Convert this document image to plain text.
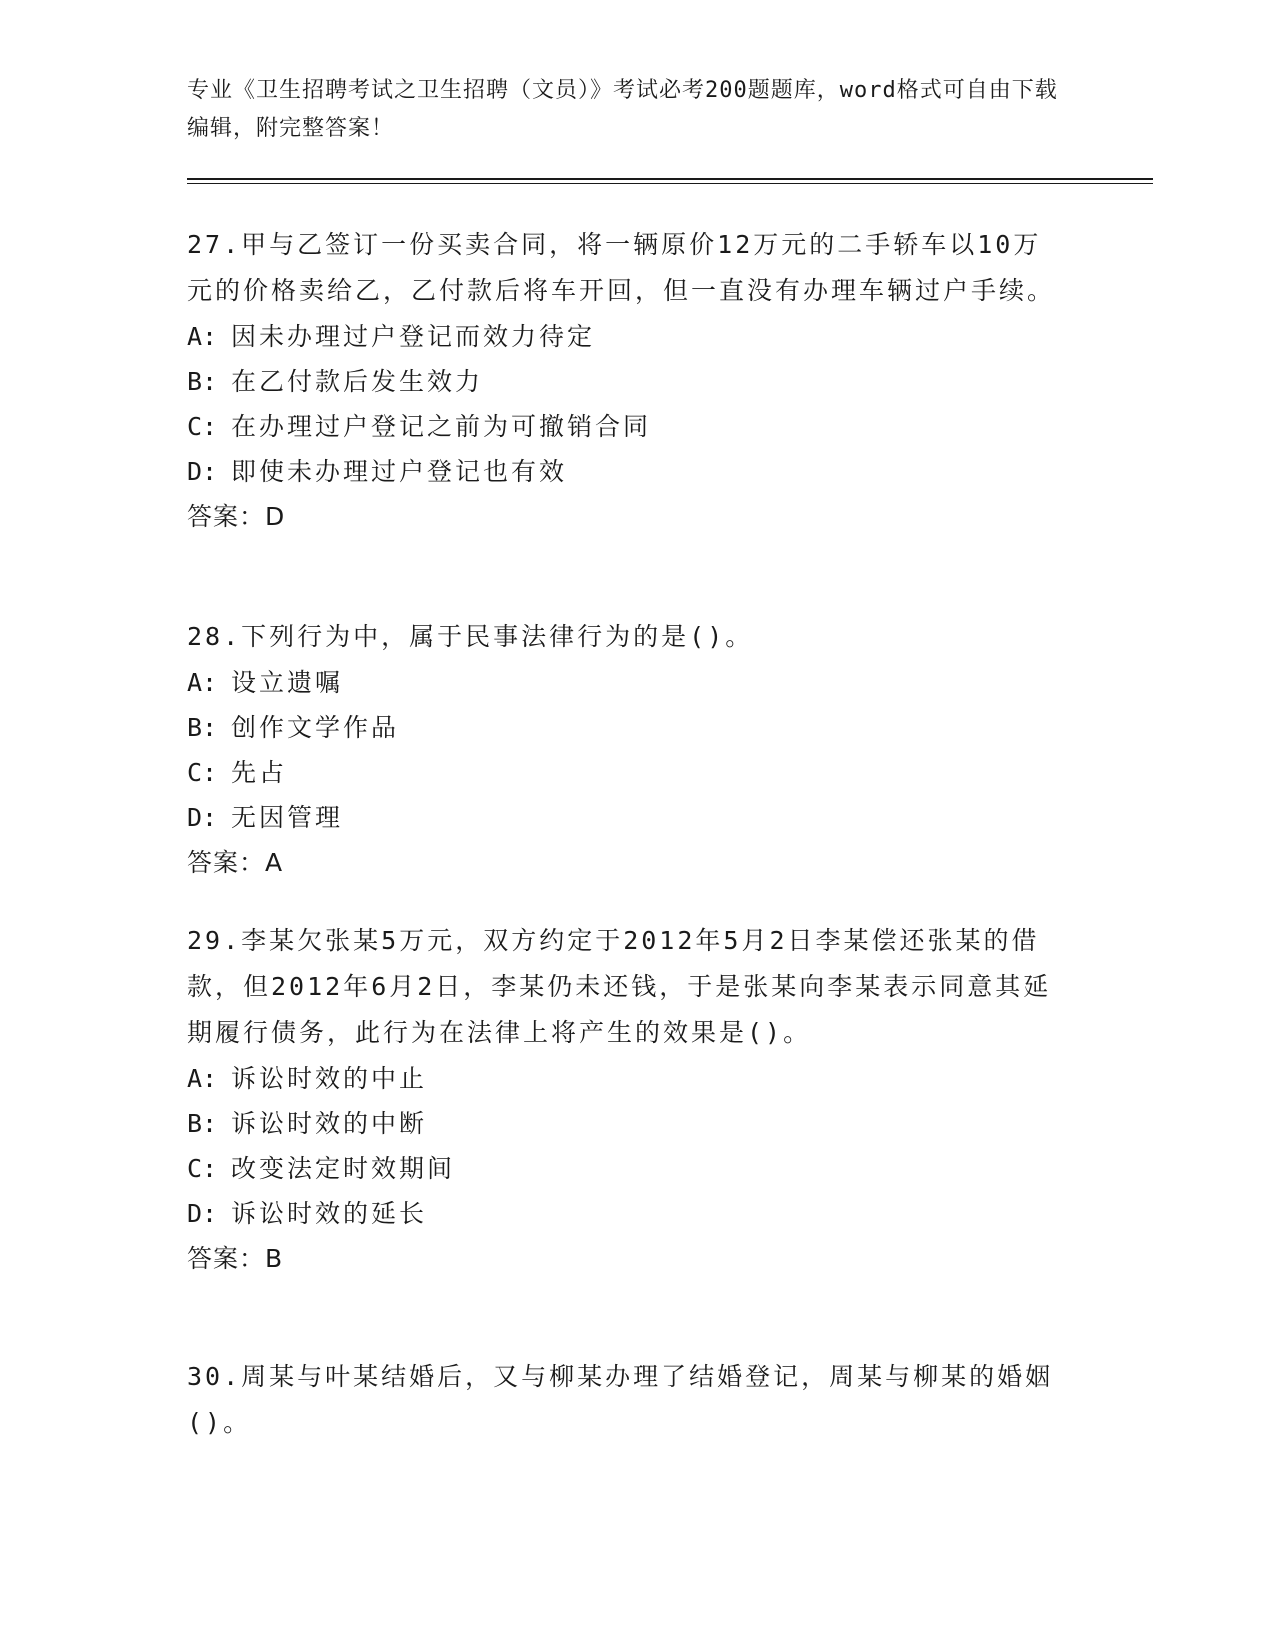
专业《卫生招聘考试之卫生招聘（文员）》考试必考200题题库，word格式可自由下载编辑，附完整答案！

27.甲与乙签订一份买卖合同，将一辆原价12万元的二手轿车以10万元的价格卖给乙，乙付款后将车开回，但一直没有办理车辆过户手续。

A: 因未办理过户登记而效力待定

B: 在乙付款后发生效力

C: 在办理过户登记之前为可撤销合同

D: 即使未办理过户登记也有效

答案：D

28.下列行为中，属于民事法律行为的是()。

A: 设立遗嘱

B: 创作文学作品

C: 先占

D: 无因管理

答案：A

29.李某欠张某5万元，双方约定于2012年5月2日李某偿还张某的借款，但2012年6月2日，李某仍未还钱，于是张某向李某表示同意其延期履行债务，此行为在法律上将产生的效果是()。

A: 诉讼时效的中止

B: 诉讼时效的中断

C: 改变法定时效期间

D: 诉讼时效的延长

答案：B

30.周某与叶某结婚后，又与柳某办理了结婚登记，周某与柳某的婚姻()。
